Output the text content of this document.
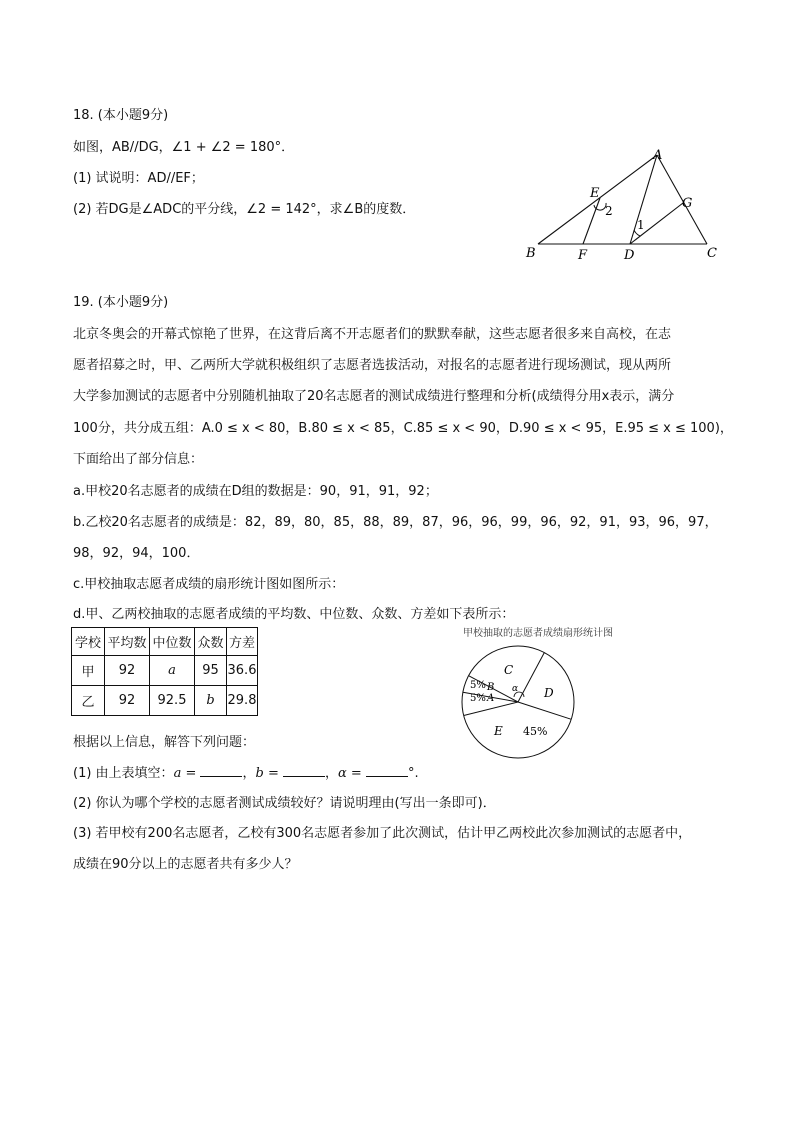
18. (本小题9分)
如图，AB//DG，∠1 + ∠2 = 180°．
(1) 试说明：AD//EF；
(2) 若DG是∠ADC的平分线，∠2 = 142°，求∠B的度数．
A
B	C
D
E
F
G
2
1
19. (本小题9分)
北京冬奥会的开幕式惊艳了世界，在这背后离不开志愿者们的默默奉献，这些志愿者很多来自高校，在志
愿者招募之时，甲、乙两所大学就积极组织了志愿者选拔活动，对报名的志愿者进行现场测试，现从两所
大学参加测试的志愿者中分别随机抽取了20名志愿者的测试成绩进行整理和分析(成绩得分用x表示，满分
100分，共分成五组：A.0 ≤ x < 80，B.80 ≤ x < 85，C.85 ≤ x < 90，D.90 ≤ x < 95，E.95 ≤ x ≤ 100)，
下面给出了部分信息：
a.甲校20名志愿者的成绩在D组的数据是：90，91，91，92；
b.乙校20名志愿者的成绩是：82，89，80，85，88，89，87，96，96，99，96，92，91，93，96，97，
98，92，94，100．
c.甲校抽取志愿者成绩的扇形统计图如图所示：
d.甲、乙两校抽取的志愿者成绩的平均数、中位数、众数、方差如下表所示：
学校	平均数	中位数	众数	方差
甲	92	a	95	36.6
乙	92	92.5	b	29.8
甲校抽取的志愿者成绩扇形统计图
C
D
E 45%
5% B
5% A
α
根据以上信息，解答下列问题：
(1) 由上表填空：a =	，b =	，α =	°.
(2) 你认为哪个学校的志愿者测试成绩较好？请说明理由(写出一条即可)．
(3) 若甲校有200名志愿者，乙校有300名志愿者参加了此次测试，估计甲乙两校此次参加测试的志愿者中，
成绩在90分以上的志愿者共有多少人？
